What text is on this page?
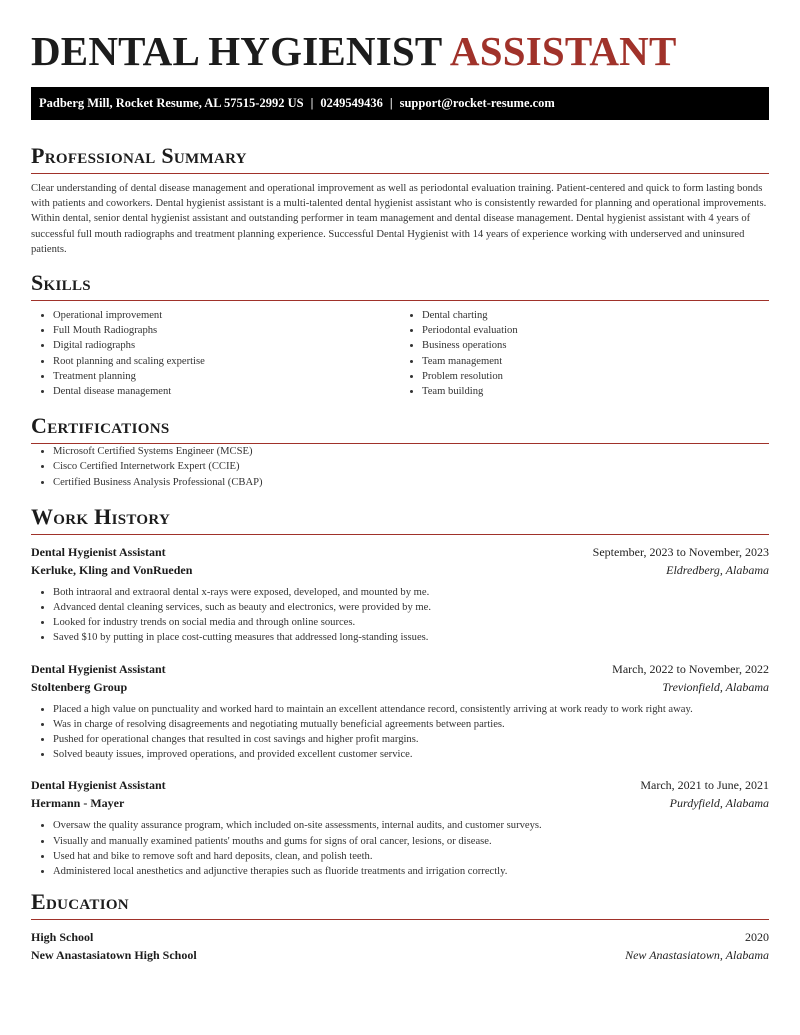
DENTAL HYGIENIST ASSISTANT
Padberg Mill, Rocket Resume, AL 57515-2992 US | 0249549436 | support@rocket-resume.com
Professional Summary

Clear understanding of dental disease management and operational improvement as well as periodontal evaluation training. Patient-centered and quick to form lasting bonds with patients and coworkers. Dental hygienist assistant is a multi-talented dental hygienist assistant who is consistently rewarded for planning and operational improvements. Within dental, senior dental hygienist assistant and outstanding performer in team management and dental disease management. Dental hygienist assistant with 4 years of successful full mouth radiographs and treatment planning experience. Successful Dental Hygienist with 14 years of experience working with underserved and uninsured patients.

Skills
• Operational improvement
• Full Mouth Radiographs
• Digital radiographs
• Root planning and scaling expertise
• Treatment planning
• Dental disease management
• Dental charting
• Periodontal evaluation
• Business operations
• Team management
• Problem resolution
• Team building
Certifications
• Microsoft Certified Systems Engineer (MCSE)
• Cisco Certified Internetwork Expert (CCIE)
• Certified Business Analysis Professional (CBAP)
Work History
Dental Hygienist Assistant	September, 2023 to November, 2023
Kerluke, Kling and VonRueden	Eldredberg, Alabama
• Both intraoral and extraoral dental x-rays were exposed, developed, and mounted by me.
• Advanced dental cleaning services, such as beauty and electronics, were provided by me.
• Looked for industry trends on social media and through online sources.
• Saved $10 by putting in place cost-cutting measures that addressed long-standing issues.
Dental Hygienist Assistant	March, 2022 to November, 2022
Stoltenberg Group	Trevionfield, Alabama
• Placed a high value on punctuality and worked hard to maintain an excellent attendance record, consistently arriving at work ready to work right away.
• Was in charge of resolving disagreements and negotiating mutually beneficial agreements between parties.
• Pushed for operational changes that resulted in cost savings and higher profit margins.
• Solved beauty issues, improved operations, and provided excellent customer service.
Dental Hygienist Assistant	March, 2021 to June, 2021
Hermann - Mayer	Purdyfield, Alabama
• Oversaw the quality assurance program, which included on-site assessments, internal audits, and customer surveys.
• Visually and manually examined patients' mouths and gums for signs of oral cancer, lesions, or disease.
• Used hat and bike to remove soft and hard deposits, clean, and polish teeth.
• Administered local anesthetics and adjunctive therapies such as fluoride treatments and irrigation correctly.
Education
High School	2020
New Anastasiatown High School	New Anastasiatown, Alabama
